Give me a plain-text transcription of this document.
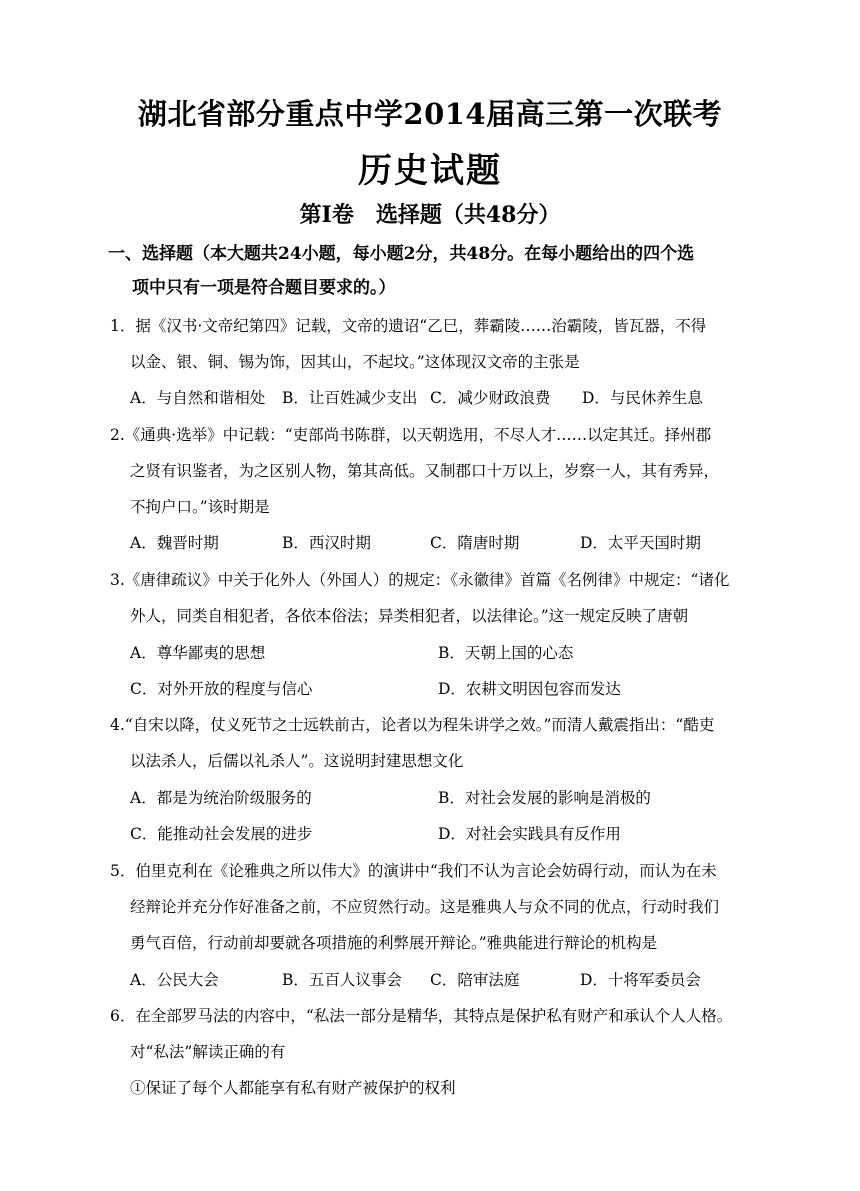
湖北省部分重点中学2014届高三第一次联考
历史试题
第Ⅰ卷　选择题（共48分）
一、选择题（本大题共24小题，每小题2分，共48分。在每小题给出的四个选
项中只有一项是符合题目要求的。）
1．据《汉书·文帝纪第四》记载，文帝的遗诏“乙巳，葬霸陵……治霸陵，皆瓦器，不得
以金、银、铜、锡为饰，因其山，不起坟。”这体现汉文帝的主张是
A．与自然和谐相处 B．让百姓减少支出 C．减少财政浪费 D．与民休养生息
2.《通典·选举》中记载：“吏部尚书陈群，以天朝选用，不尽人才……以定其迁。择州郡
之贤有识鉴者，为之区别人物，第其高低。又制郡口十万以上，岁察一人，其有秀异，
不拘户口。”该时期是
A．魏晋时期	B．西汉时期	C．隋唐时期	D．太平天国时期
3.《唐律疏议》中关于化外人（外国人）的规定：《永徽律》首篇《名例律》中规定：“诸化
外人，同类自相犯者，各依本俗法；异类相犯者，以法律论。”这一规定反映了唐朝
A．尊华鄙夷的思想	B．天朝上国的心态
C．对外开放的程度与信心	D．农耕文明因包容而发达
4.“自宋以降，仗义死节之士远轶前古，论者以为程朱讲学之效。”而清人戴震指出：“酷吏
以法杀人，后儒以礼杀人”。这说明封建思想文化
A．都是为统治阶级服务的	B．对社会发展的影响是消极的
C．能推动社会发展的进步	D．对社会实践具有反作用
5．伯里克利在《论雅典之所以伟大》的演讲中“我们不认为言论会妨碍行动，而认为在未
经辩论并充分作好准备之前，不应贸然行动。这是雅典人与众不同的优点，行动时我们
勇气百倍，行动前却要就各项措施的利弊展开辩论。”雅典能进行辩论的机构是
A．公民大会	B．五百人议事会 C．陪审法庭	D．十将军委员会
6．在全部罗马法的内容中，“私法一部分是精华，其特点是保护私有财产和承认个人人格。
对“私法”解读正确的有
①保证了每个人都能享有私有财产被保护的权利
